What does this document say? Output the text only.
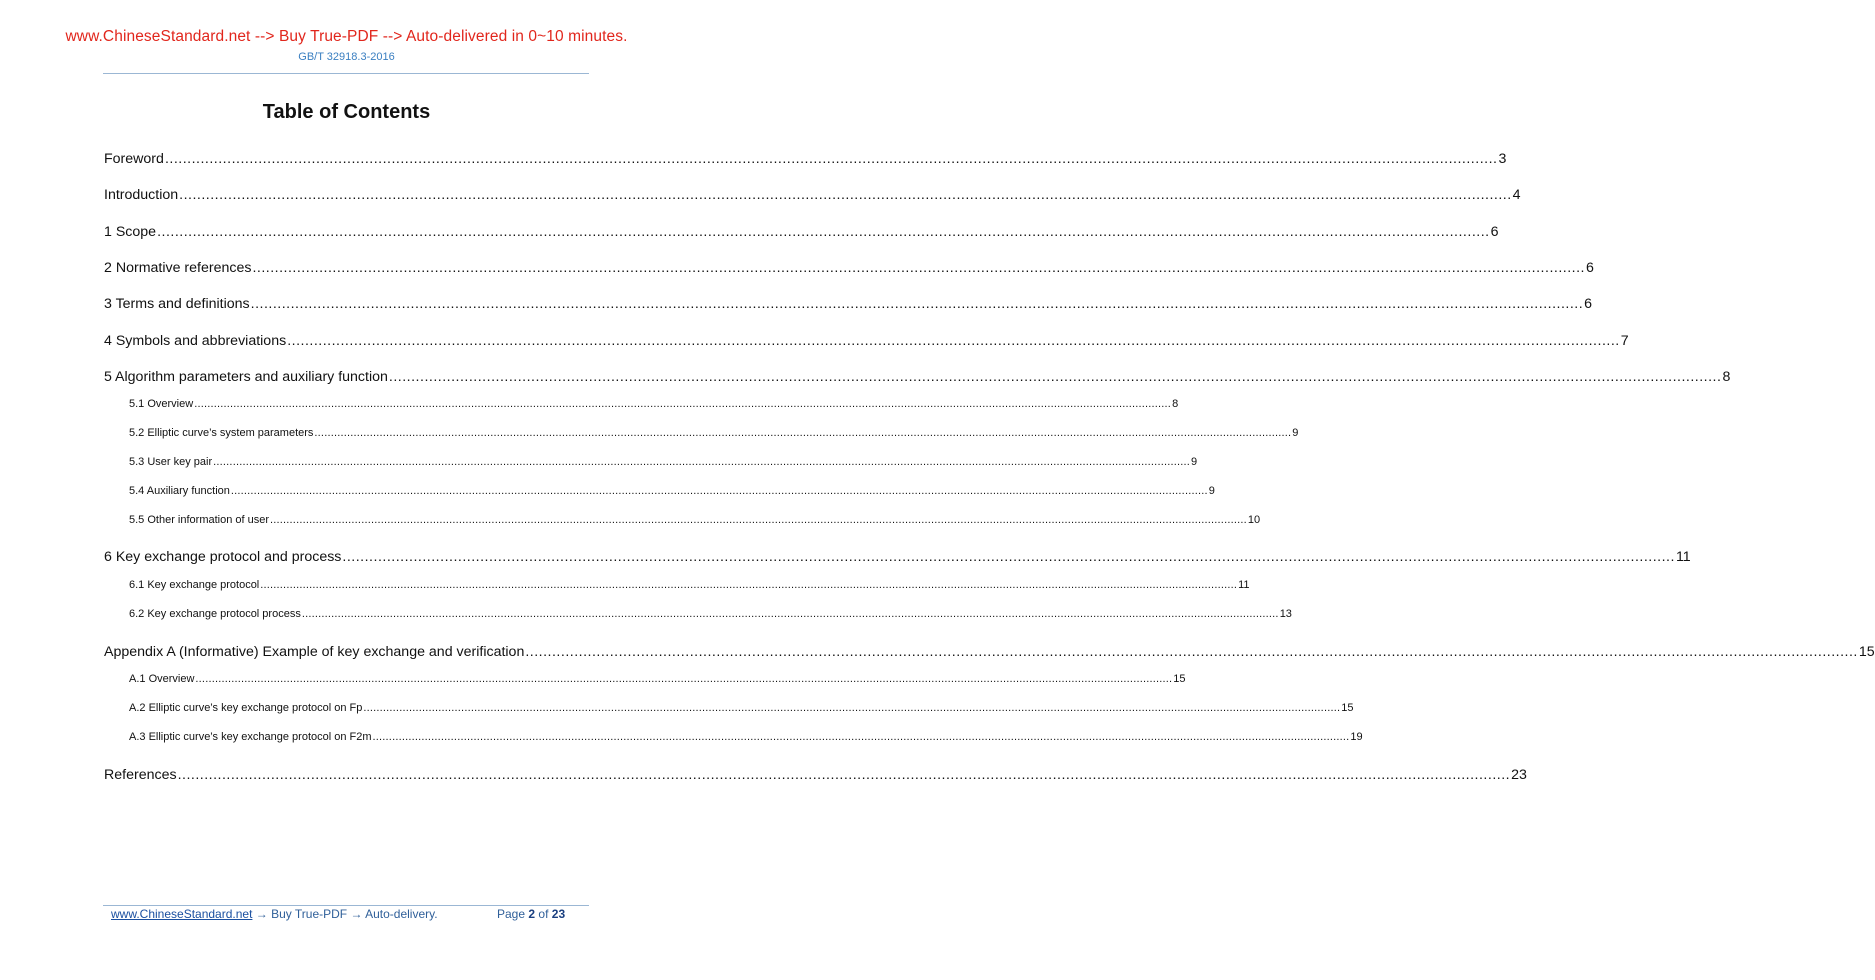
www.ChineseStandard.net --> Buy True-PDF --> Auto-delivered in 0~10 minutes.
GB/T 32918.3-2016
Table of Contents
Foreword ............................................................................................................................................................................................................................................................................................................ 3
Introduction ............................................................................................................................................................................................................................................................................................................ 4
1 Scope ............................................................................................................................................................................................................................................................................................................ 6
2 Normative references ............................................................................................................................................................................................................................................................................................................ 6
3 Terms and definitions ............................................................................................................................................................................................................................................................................................................ 6
4 Symbols and abbreviations ............................................................................................................................................................................................................................................................................................................ 7
5 Algorithm parameters and auxiliary function ............................................................................................................................................................................................................................................................................................................ 8
5.1 Overview ............................................................................................................................................................................................................................................................................................................ 8
5.2 Elliptic curve’s system parameters ............................................................................................................................................................................................................................................................................................................ 9
5.3 User key pair ............................................................................................................................................................................................................................................................................................................ 9
5.4 Auxiliary function ............................................................................................................................................................................................................................................................................................................ 9
5.5 Other information of user ............................................................................................................................................................................................................................................................................................................ 10
6 Key exchange protocol and process ............................................................................................................................................................................................................................................................................................................ 11
6.1 Key exchange protocol ............................................................................................................................................................................................................................................................................................................ 11
6.2 Key exchange protocol process ............................................................................................................................................................................................................................................................................................................ 13
Appendix A (Informative) Example of key exchange and verification ............................................................................................................................................................................................................................................................................................................ 15
A.1 Overview ............................................................................................................................................................................................................................................................................................................ 15
A.2 Elliptic curve’s key exchange protocol on Fp ............................................................................................................................................................................................................................................................................................................ 15
A.3 Elliptic curve’s key exchange protocol on F2m ............................................................................................................................................................................................................................................................................................................ 19
References ............................................................................................................................................................................................................................................................................................................ 23
www.ChineseStandard.net → Buy True-PDF → Auto-delivery.	Page 2 of 23
